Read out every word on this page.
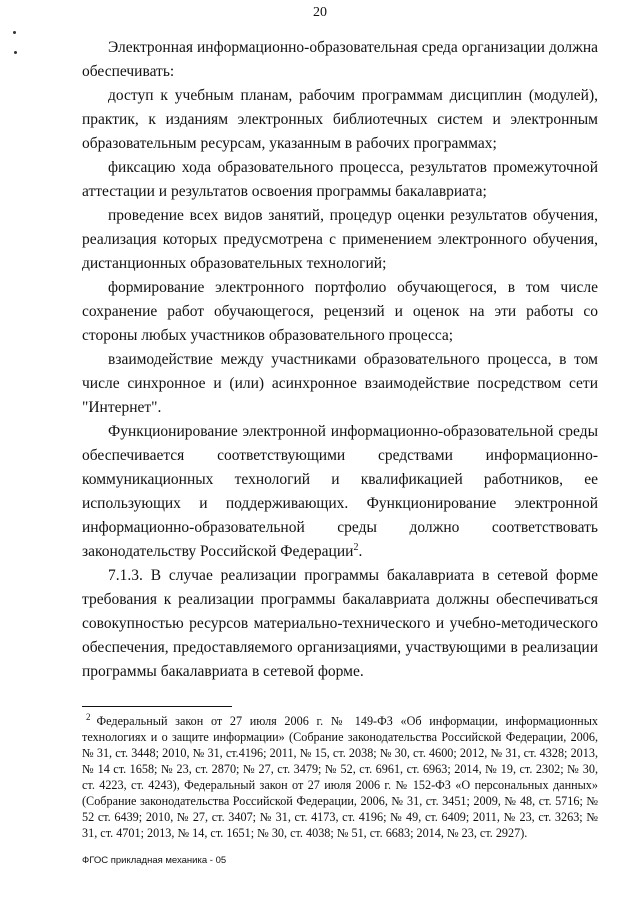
20

Электронная информационно-образовательная среда организации должна обеспечивать:

доступ к учебным планам, рабочим программам дисциплин (модулей), практик, к изданиям электронных библиотечных систем и электронным образовательным ресурсам, указанным в рабочих программах;

фиксацию хода образовательного процесса, результатов промежуточной аттестации и результатов освоения программы бакалавриата;

проведение всех видов занятий, процедур оценки результатов обучения, реализация которых предусмотрена с применением электронного обучения, дистанционных образовательных технологий;

формирование электронного портфолио обучающегося, в том числе сохранение работ обучающегося, рецензий и оценок на эти работы со стороны любых участников образовательного процесса;

взаимодействие между участниками образовательного процесса, в том числе синхронное и (или) асинхронное взаимодействие посредством сети "Интернет".

Функционирование электронной информационно-образовательной среды обеспечивается соответствующими средствами информационно-коммуникационных технологий и квалификацией работников, ее использующих и поддерживающих. Функционирование электронной информационно-образовательной среды должно соответствовать законодательству Российской Федерации$^2$.

7.1.3. В случае реализации программы бакалавриата в сетевой форме требования к реализации программы бакалавриата должны обеспечиваться совокупностью ресурсов материально-технического и учебно-методического обеспечения, предоставляемого организациями, участвующими в реализации программы бакалавриата в сетевой форме.

$^2$ Федеральный закон от 27 июля 2006 г. № 149-ФЗ «Об информации, информационных технологиях и о защите информации» (Собрание законодательства Российской Федерации, 2006, № 31, ст. 3448; 2010, № 31, ст.4196; 2011, № 15, ст. 2038; № 30, ст. 4600; 2012, № 31, ст. 4328; 2013, № 14 ст. 1658; № 23, ст. 2870; № 27, ст. 3479; № 52, ст. 6961, ст. 6963; 2014, № 19, ст. 2302; № 30, ст. 4223, ст. 4243), Федеральный закон от 27 июля 2006 г. № 152-ФЗ «О персональных данных» (Собрание законодательства Российской Федерации, 2006, № 31, ст. 3451; 2009, № 48, ст. 5716; № 52 ст. 6439; 2010, № 27, ст. 3407; № 31, ст. 4173, ст. 4196; № 49, ст. 6409; 2011, № 23, ст. 3263; № 31, ст. 4701; 2013, № 14, ст. 1651; № 30, ст. 4038; № 51, ст. 6683; 2014, № 23, ст. 2927).

ФГОС прикладная механика - 05
